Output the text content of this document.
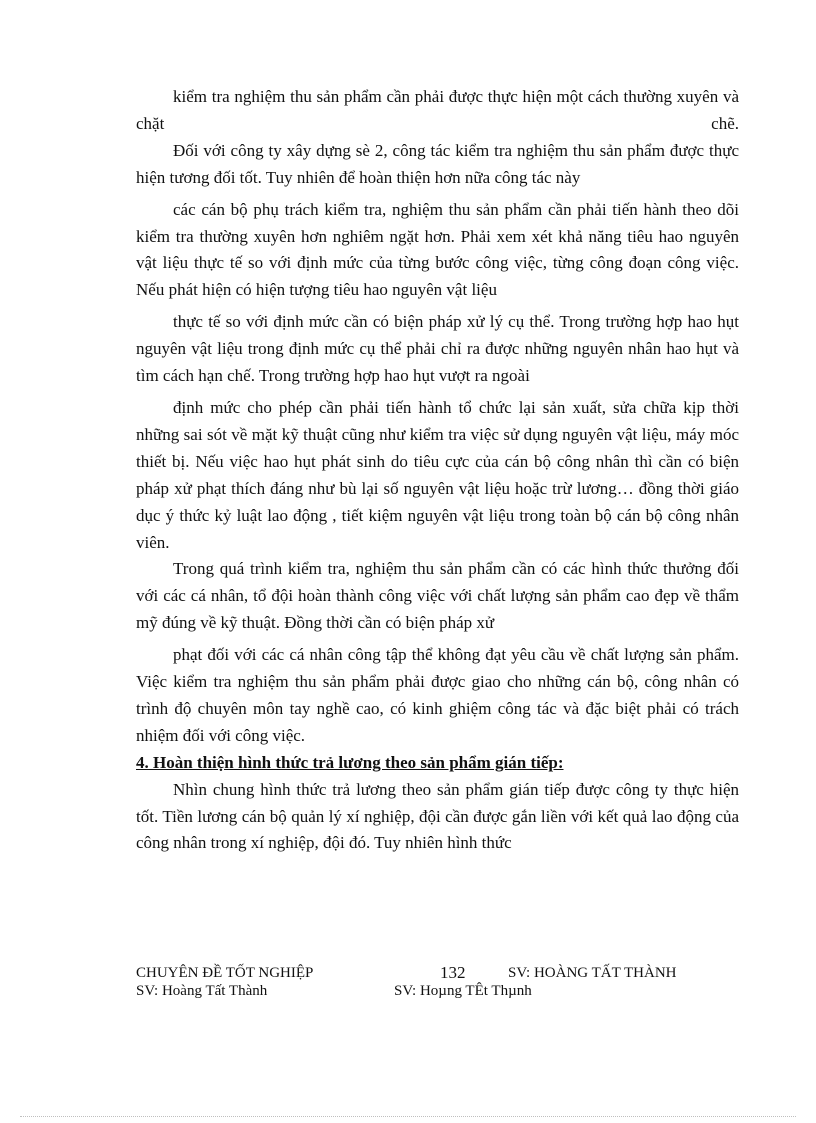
kiểm tra nghiệm thu sản phẩm cần phải được thực hiện một cách thường xuyên và chặt chẽ.

Đối với công ty xây dựng sè 2, công tác kiểm tra nghiệm thu sản phẩm được thực hiện tương đối tốt. Tuy nhiên để hoàn thiện hơn nữa công tác này

các cán bộ phụ trách kiểm tra, nghiệm thu sản phẩm cần phải tiến hành theo dõi kiểm tra thường xuyên hơn nghiêm ngặt hơn. Phải xem xét khả năng tiêu hao nguyên vật liệu thực tế so với định mức của từng bước công việc, từng công đoạn công việc. Nếu phát hiện có hiện tượng tiêu hao nguyên vật liệu

thực tế so với định mức cần có biện pháp xử lý cụ thể. Trong trường hợp hao hụt nguyên vật liệu trong định mức cụ thể phải chỉ ra được những nguyên nhân hao hụt và tìm cách hạn chế. Trong trường hợp hao hụt vượt ra ngoài

định mức cho phép cần phải tiến hành tổ chức lại sản xuất, sửa chữa kịp thời những sai sót về mặt kỹ thuật cũng như kiểm tra việc sử dụng nguyên vật liệu, máy móc thiết bị. Nếu việc hao hụt phát sinh do tiêu cực của cán bộ công nhân thì cần có biện pháp xử phạt thích đáng như bù lại số nguyên vật liệu hoặc trừ lương… đồng thời giáo dục ý thức kỷ luật lao động , tiết kiệm nguyên vật liệu trong toàn bộ cán bộ công nhân viên.

Trong quá trình kiểm tra, nghiệm thu sản phẩm cần có các hình thức thưởng đối với các cá nhân, tổ đội hoàn thành công việc với chất lượng sản phẩm cao đẹp về thẩm mỹ đúng về kỹ thuật. Đồng thời cần có biện pháp xử

phạt đối với các cá nhân công tập thể không đạt yêu cầu về chất lượng sản phẩm. Việc kiểm tra nghiệm thu sản phẩm phải được giao cho những cán bộ, công nhân có trình độ chuyên môn tay nghề cao, có kinh ghiệm công tác và đặc biệt phải có trách nhiệm đối với công việc.

4. Hoàn thiện hình thức trả lương theo sản phẩm gián tiếp:

Nhìn chung hình thức trả lương theo sản phẩm gián tiếp được công ty thực hiện tốt. Tiền lương cán bộ quản lý xí nghiệp, đội cần được gắn liền với kết quả lao động của công nhân trong xí nghiệp, đội đó. Tuy nhiên hình thức

CHUYÊN ĐỀ TỐT NGHIỆP	132	SV: HOÀNG TẤT THÀNH
SV: Hoàng Tất Thành	SV: Hoµng TÊt Thµnh
